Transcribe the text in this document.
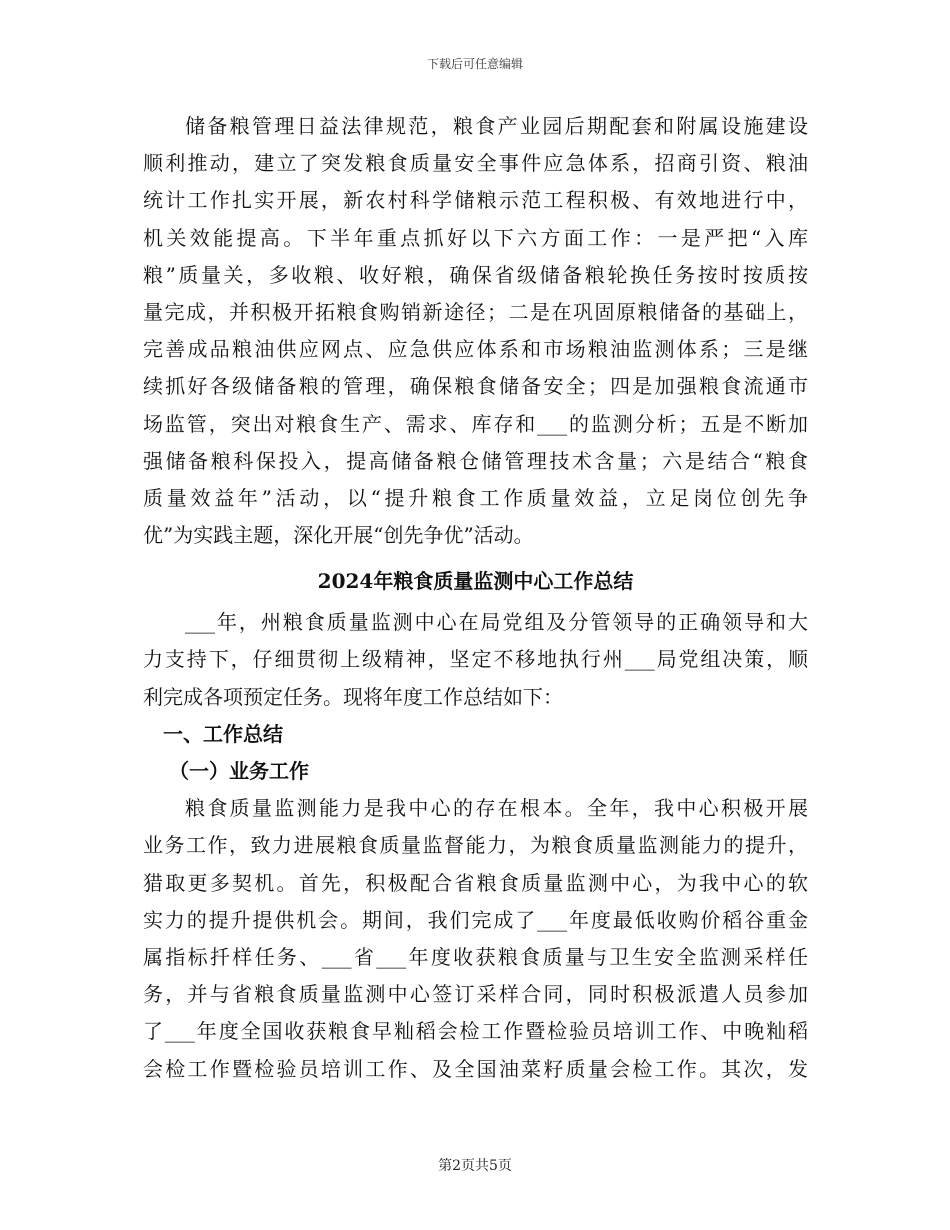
下载后可任意编辑
储备粮管理日益法律规范，粮食产业园后期配套和附属设施建设
顺利推动，建立了突发粮食质量安全事件应急体系，招商引资、粮油
统计工作扎实开展，新农村科学储粮示范工程积极、有效地进行中，
机关效能提高。下半年重点抓好以下六方面工作：一是严把“入库
粮”质量关，多收粮、收好粮，确保省级储备粮轮换任务按时按质按
量完成，并积极开拓粮食购销新途径；二是在巩固原粮储备的基础上，
完善成品粮油供应网点、应急供应体系和市场粮油监测体系；三是继
续抓好各级储备粮的管理，确保粮食储备安全；四是加强粮食流通市
场监管，突出对粮食生产、需求、库存和___的监测分析；五是不断加
强储备粮科保投入，提高储备粮仓储管理技术含量；六是结合“粮食
质量效益年”活动，以“提升粮食工作质量效益，立足岗位创先争
优”为实践主题，深化开展“创先争优”活动。
2024年粮食质量监测中心工作总结
___年，州粮食质量监测中心在局党组及分管领导的正确领导和大
力支持下，仔细贯彻上级精神，坚定不移地执行州___局党组决策，顺
利完成各项预定任务。现将年度工作总结如下：
一、工作总结
（一）业务工作
粮食质量监测能力是我中心的存在根本。全年，我中心积极开展
业务工作，致力进展粮食质量监督能力，为粮食质量监测能力的提升，
猎取更多契机。首先，积极配合省粮食质量监测中心，为我中心的软
实力的提升提供机会。期间，我们完成了___年度最低收购价稻谷重金
属指标扦样任务、___省___年度收获粮食质量与卫生安全监测采样任
务，并与省粮食质量监测中心签订采样合同，同时积极派遣人员参加
了___年度全国收获粮食早籼稻会检工作暨检验员培训工作、中晚籼稻
会检工作暨检验员培训工作、及全国油菜籽质量会检工作。其次，发
第2页共5页
